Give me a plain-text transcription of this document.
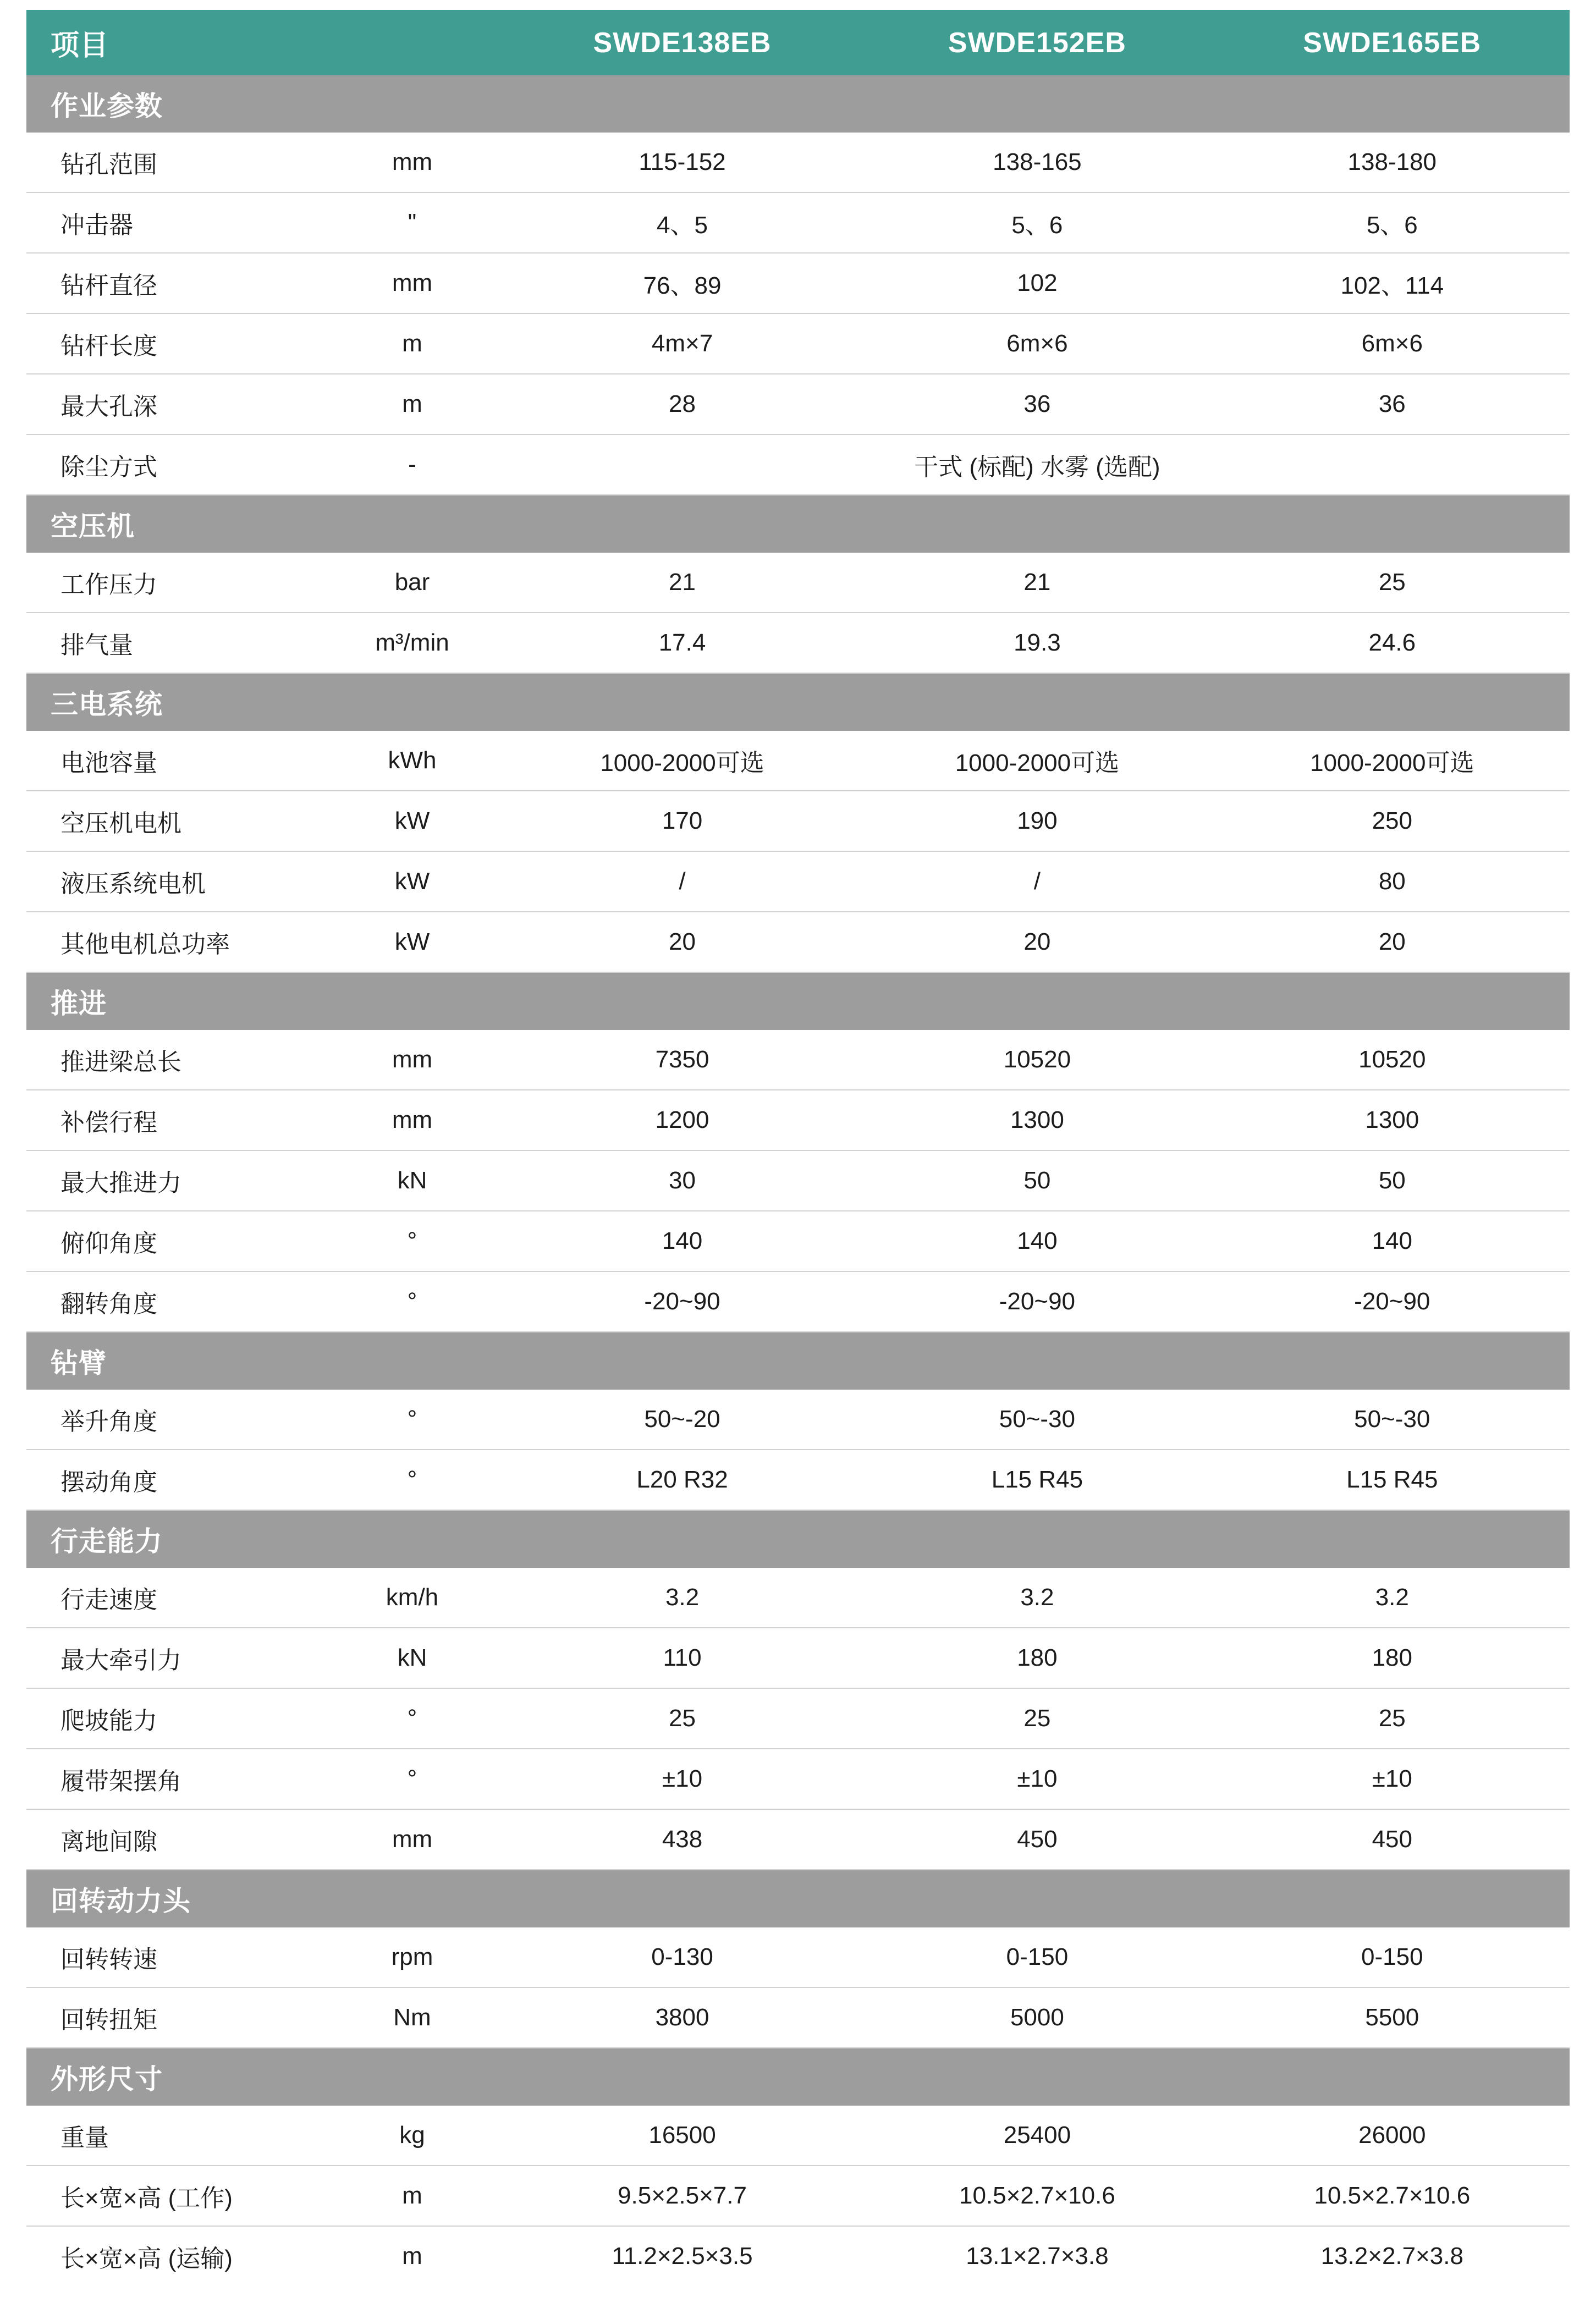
项目		SWDE138EB	SWDE152EB	SWDE165EB
作业参数				
钻孔范围	mm	115-152	138-165	138-180
冲击器	"	4、5	5、6	5、6
钻杆直径	mm	76、89	102	102、114
钻杆长度	m	4m×7	6m×6	6m×6
最大孔深	m	28	36	36
除尘方式	-	干式 (标配) 水雾 (选配)		
空压机				
工作压力	bar	21	21	25
排气量	m³/min	17.4	19.3	24.6
三电系统				
电池容量	kWh	1000-2000可选	1000-2000可选	1000-2000可选
空压机电机	kW	170	190	250
液压系统电机	kW	/	/	80
其他电机总功率	kW	20	20	20
推进				
推进梁总长	mm	7350	10520	10520
补偿行程	mm	1200	1300	1300
最大推进力	kN	30	50	50
俯仰角度	°	140	140	140
翻转角度	°	-20~90	-20~90	-20~90
钻臂				
举升角度	°	50~-20	50~-30	50~-30
摆动角度	°	L20 R32	L15 R45	L15 R45
行走能力				
行走速度	km/h	3.2	3.2	3.2
最大牵引力	kN	110	180	180
爬坡能力	°	25	25	25
履带架摆角	°	±10	±10	±10
离地间隙	mm	438	450	450
回转动力头				
回转转速	rpm	0-130	0-150	0-150
回转扭矩	Nm	3800	5000	5500
外形尺寸				
重量	kg	16500	25400	26000
长×宽×高 (工作)	m	9.5×2.5×7.7	10.5×2.7×10.6	10.5×2.7×10.6
长×宽×高 (运输)	m	11.2×2.5×3.5	13.1×2.7×3.8	13.2×2.7×3.8
